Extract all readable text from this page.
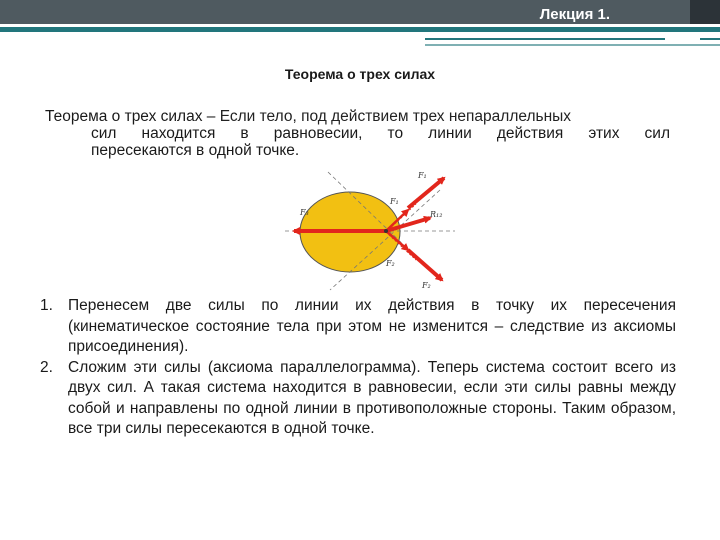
Лекция 1.
Теорема о трех силах
Теорема о трех силах – Если тело, под действием трех непараллельных
сил находится в равновесии, то линии действия этих сил
пересекаются в одной точке.
F₁
F₁
F₃	R₁₂
F₂
F₂
1. Перенесем две силы по линии их действия в точку их пересечения (кинематическое состояние тела при этом не изменится – следствие из аксиомы присоединения).
2. Сложим эти силы (аксиома параллелограмма). Теперь система состоит всего из двух сил. А такая система находится в равновесии, если эти силы равны между собой и направлены по одной линии в противоположные стороны. Таким образом, все три силы пересекаются в одной точке.
